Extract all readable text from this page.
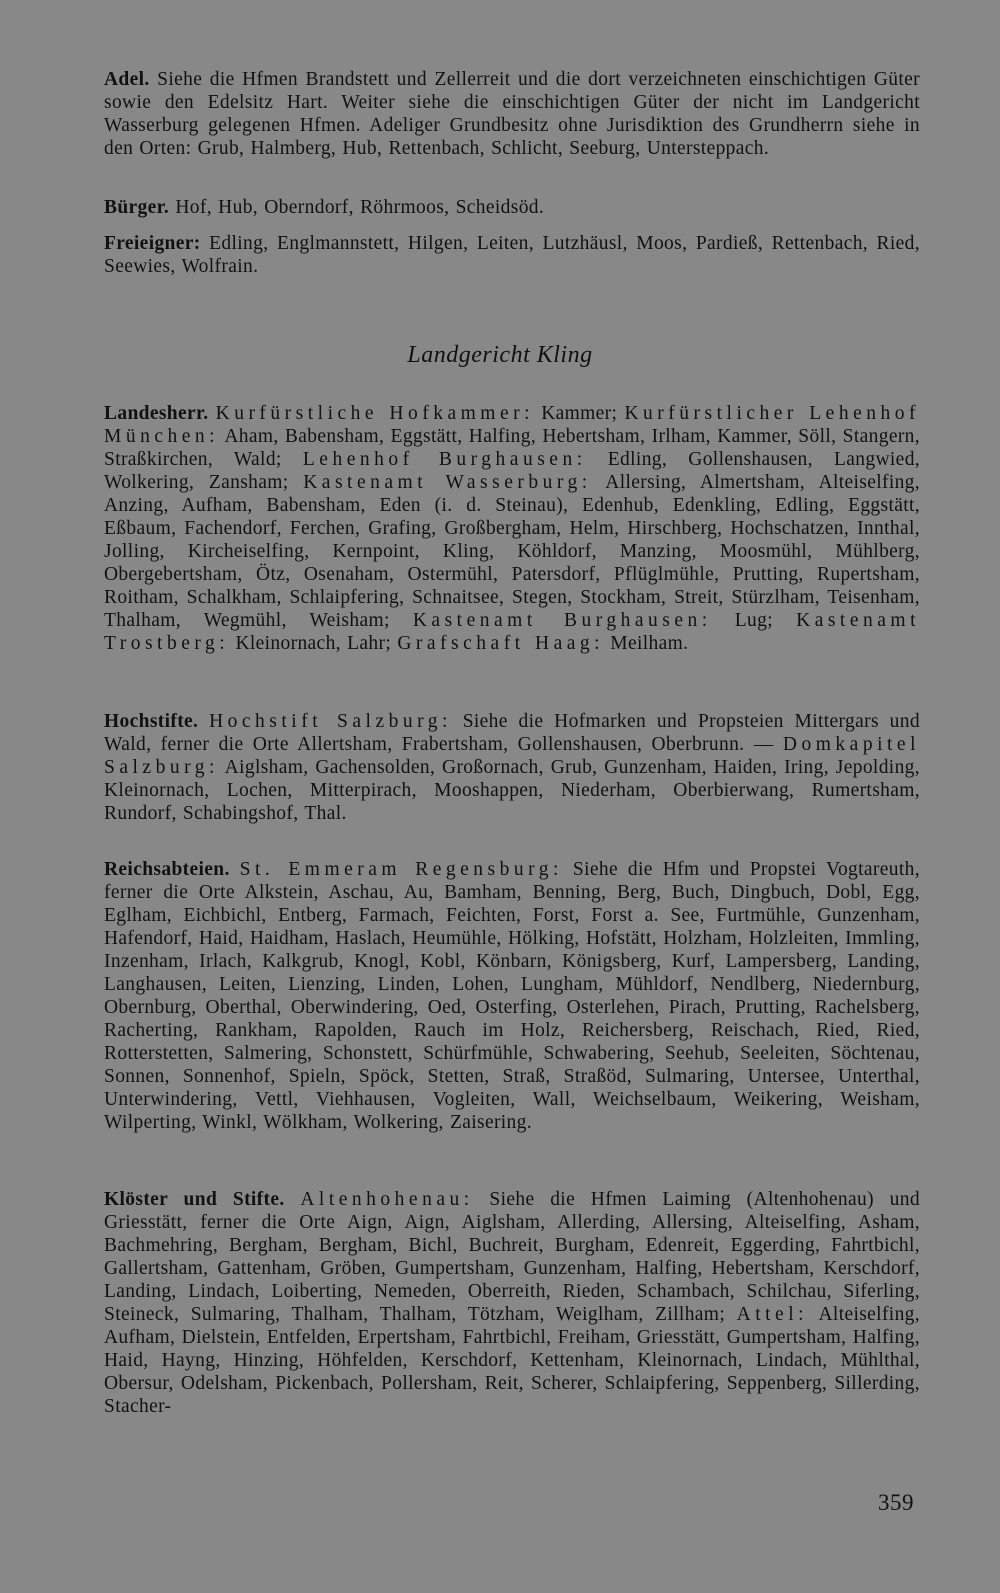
Adel. Siehe die Hfmen Brandstett und Zellerreit und die dort verzeichneten einschichtigen Güter sowie den Edelsitz Hart. Weiter siehe die einschichtigen Güter der nicht im Landgericht Wasserburg gelegenen Hfmen. Adeliger Grundbesitz ohne Jurisdiktion des Grundherrn siehe in den Orten: Grub, Halmberg, Hub, Rettenbach, Schlicht, Seeburg, Untersteppach.

Bürger. Hof, Hub, Oberndorf, Röhrmoos, Scheidsöd.

Freieigner: Edling, Englmannstett, Hilgen, Leiten, Lutzhäusl, Moos, Pardieß, Rettenbach, Ried, Seewies, Wolfrain.

Landgericht Kling

Landesherr. Kurfürstliche Hofkammer: Kammer; Kurfürstlicher Lehenhof München: Aham, Babensham, Eggstätt, Halfing, Hebertsham, Irlham, Kammer, Söll, Stangern, Straßkirchen, Wald; Lehenhof Burghausen: Edling, Gollenshausen, Langwied, Wolkering, Zansham; Kastenamt Wasserburg: Allersing, Almertsham, Alteiselfing, Anzing, Aufham, Babensham, Eden (i. d. Steinau), Edenhub, Edenkling, Edling, Eggstätt, Eßbaum, Fachendorf, Ferchen, Grafing, Großbergham, Helm, Hirschberg, Hochschatzen, Innthal, Jolling, Kircheiselfing, Kernpoint, Kling, Köhldorf, Manzing, Moosmühl, Mühlberg, Obergebertsham, Ötz, Osenaham, Ostermühl, Patersdorf, Pflüglmühle, Prutting, Rupertsham, Roitham, Schalkham, Schlaipfering, Schnaitsee, Stegen, Stockham, Streit, Stürzlham, Teisenham, Thalham, Wegmühl, Weisham; Kastenamt Burghausen: Lug; Kastenamt Trostberg: Kleinornach, Lahr; Grafschaft Haag: Meilham.

Hochstifte. Hochstift Salzburg: Siehe die Hofmarken und Propsteien Mittergars und Wald, ferner die Orte Allertsham, Frabertsham, Gollenshausen, Oberbrunn. — Domkapitel Salzburg: Aiglsham, Gachensolden, Großornach, Grub, Gunzenham, Haiden, Iring, Jepolding, Kleinornach, Lochen, Mitterpirach, Mooshappen, Niederham, Oberbierwang, Rumertsham, Rundorf, Schabingshof, Thal.

Reichsabteien. St. Emmeram Regensburg: Siehe die Hfm und Propstei Vogtareuth, ferner die Orte Alkstein, Aschau, Au, Bamham, Benning, Berg, Buch, Dingbuch, Dobl, Egg, Eglham, Eichbichl, Entberg, Farmach, Feichten, Forst, Forst a. See, Furtmühle, Gunzenham, Hafendorf, Haid, Haidham, Haslach, Heumühle, Hölking, Hofstätt, Holzham, Holzleiten, Immling, Inzenham, Irlach, Kalkgrub, Knogl, Kobl, Könbarn, Königsberg, Kurf, Lampersberg, Landing, Langhausen, Leiten, Lienzing, Linden, Lohen, Lungham, Mühldorf, Nendlberg, Niedernburg, Obernburg, Oberthal, Oberwindering, Oed, Osterfing, Osterlehen, Pirach, Prutting, Rachelsberg, Racherting, Rankham, Rapolden, Rauch im Holz, Reichersberg, Reischach, Ried, Ried, Rotterstetten, Salmering, Schonstett, Schürfmühle, Schwabering, Seehub, Seeleiten, Söchtenau, Sonnen, Sonnenhof, Spieln, Spöck, Stetten, Straß, Straßöd, Sulmaring, Untersee, Unterthal, Unterwindering, Vettl, Viehhausen, Vogleiten, Wall, Weichselbaum, Weikering, Weisham, Wilperting, Winkl, Wölkham, Wolkering, Zaisering.

Klöster und Stifte. Altenhohenau: Siehe die Hfmen Laiming (Altenhohenau) und Griesstätt, ferner die Orte Aign, Aign, Aiglsham, Allerding, Allersing, Alteiselfing, Asham, Bachmehring, Bergham, Bergham, Bichl, Buchreit, Burgham, Edenreit, Eggerding, Fahrtbichl, Gallertsham, Gattenham, Gröben, Gumpertsham, Gunzenham, Halfing, Hebertsham, Kerschdorf, Landing, Lindach, Loiberting, Nemeden, Oberreith, Rieden, Schambach, Schilchau, Siferling, Steineck, Sulmaring, Thalham, Thalham, Tötzham, Weiglham, Zillham; Attel: Alteiselfing, Aufham, Dielstein, Entfelden, Erpertsham, Fahrtbichl, Freiham, Griesstätt, Gumpertsham, Halfing, Haid, Hayng, Hinzing, Höhfelden, Kerschdorf, Kettenham, Kleinornach, Lindach, Mühlthal, Obersur, Odelsham, Pickenbach, Pollersham, Reit, Scherer, Schlaipfering, Seppenberg, Sillerding, Stacher-

359
